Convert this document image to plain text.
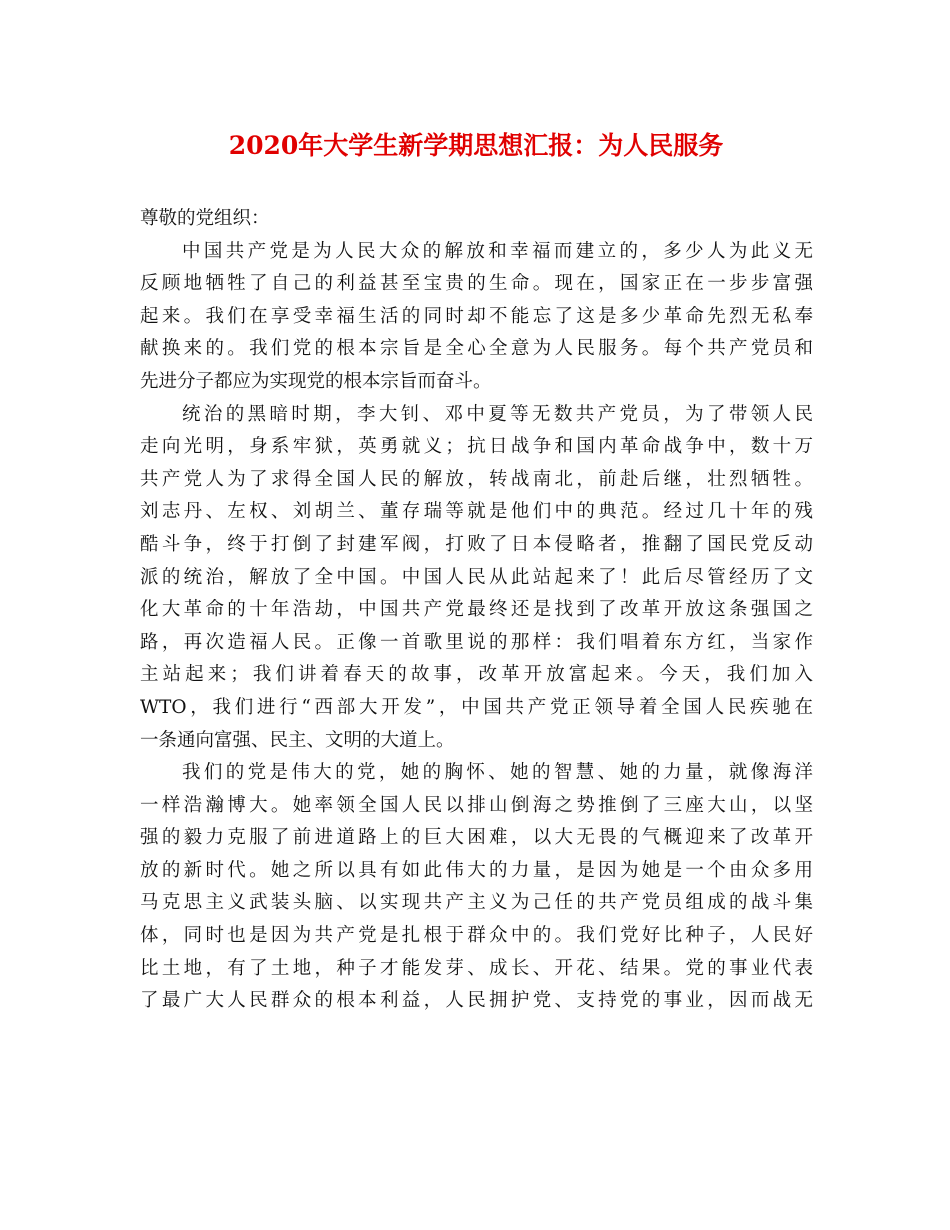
2020年大学生新学期思想汇报：为人民服务
尊敬的党组织：
中国共产党是为人民大众的解放和幸福而建立的，多少人为此义无
反顾地牺牲了自己的利益甚至宝贵的生命。现在，国家正在一步步富强
起来。我们在享受幸福生活的同时却不能忘了这是多少革命先烈无私奉
献换来的。我们党的根本宗旨是全心全意为人民服务。每个共产党员和
先进分子都应为实现党的根本宗旨而奋斗。
统治的黑暗时期，李大钊、邓中夏等无数共产党员，为了带领人民
走向光明，身系牢狱，英勇就义；抗日战争和国内革命战争中，数十万
共产党人为了求得全国人民的解放，转战南北，前赴后继，壮烈牺牲。
刘志丹、左权、刘胡兰、董存瑞等就是他们中的典范。经过几十年的残
酷斗争，终于打倒了封建军阀，打败了日本侵略者，推翻了国民党反动
派的统治，解放了全中国。中国人民从此站起来了！此后尽管经历了文
化大革命的十年浩劫，中国共产党最终还是找到了改革开放这条强国之
路，再次造福人民。正像一首歌里说的那样：我们唱着东方红，当家作
主站起来；我们讲着春天的故事，改革开放富起来。今天，我们加入
WTO，我们进行“西部大开发”，中国共产党正领导着全国人民疾驰在
一条通向富强、民主、文明的大道上。
我们的党是伟大的党，她的胸怀、她的智慧、她的力量，就像海洋
一样浩瀚博大。她率领全国人民以排山倒海之势推倒了三座大山，以坚
强的毅力克服了前进道路上的巨大困难，以大无畏的气概迎来了改革开
放的新时代。她之所以具有如此伟大的力量，是因为她是一个由众多用
马克思主义武装头脑、以实现共产主义为己任的共产党员组成的战斗集
体，同时也是因为共产党是扎根于群众中的。我们党好比种子，人民好
比土地，有了土地，种子才能发芽、成长、开花、结果。党的事业代表
了最广大人民群众的根本利益，人民拥护党、支持党的事业，因而战无
